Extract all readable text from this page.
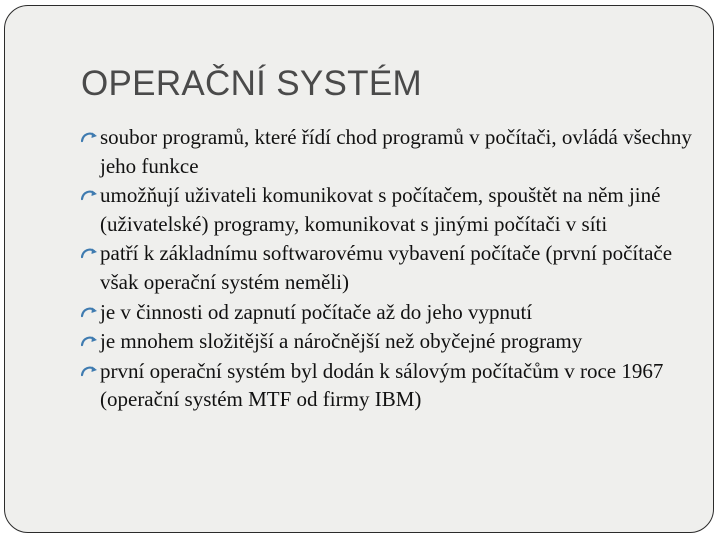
OPERAČNÍ SYSTÉM
soubor programů, které řídí chod programů v počítači, ovládá všechny jeho funkce
umožňují uživateli komunikovat s počítačem, spouštět na něm jiné (uživatelské) programy, komunikovat s jinými počítači v síti
patří k základnímu softwarovému vybavení počítače (první počítače však operační systém neměli)
je v činnosti od zapnutí počítače až do jeho vypnutí
je mnohem složitější a náročnější než obyčejné programy
první operační systém byl dodán k sálovým počítačům v roce 1967 (operační systém MTF od firmy IBM)
